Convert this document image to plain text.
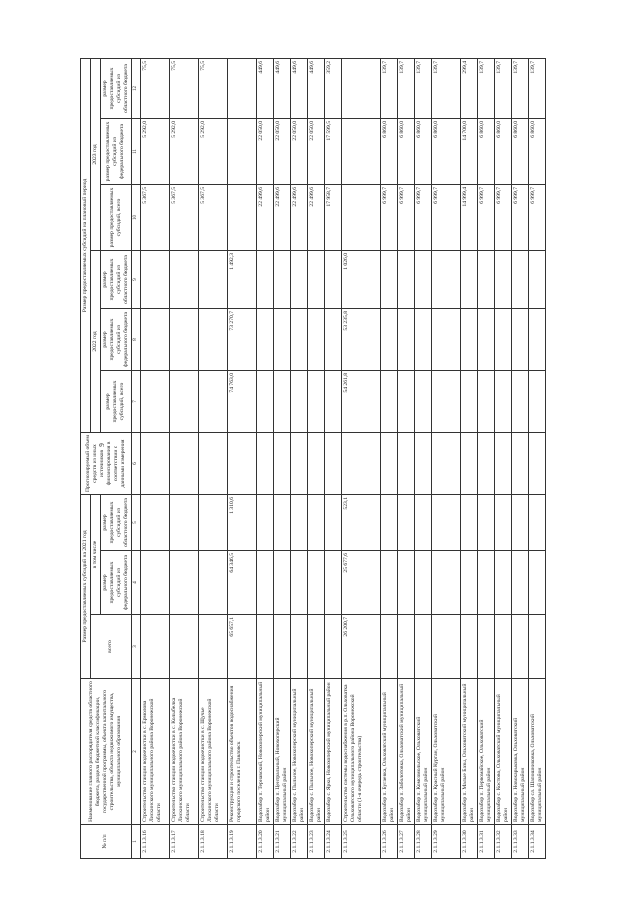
9
№ п/п	Наименование главного распорядителя средств областного бюджета, раздела бюджетной классификации, государственной программы, объекта капитального строительства, объекта недвижимого имущества, муниципального образования	Размер предоставляемых субсидий на 2021 год			Прогнозируемый объем средств из иных источников финансирования в соответствии с данными измерения	Размер предоставляемых субсидий на плановый период					
		всего	в том числе			2022 год			2023 год		
			размер предоставляемых субсидий из федерального бюджета	размер предоставляемых субсидий из областного бюджета		размер предоставляемых субсидий, всего	размер предоставляемых субсидий из федерального бюджета	размер предоставляемых субсидий из областного бюджета	размер предоставляемых субсидий, всего	размер предоставляемых субсидий из федерального бюджета	размер предоставляемых субсидий из областного бюджета
1	2	3	4	5	6	7	8	9	10	11	12
2.1.1.3.16	Строительство станции водоочистки в с. Ермолова Лискинского муниципального района Воронежской области								5 367,5	5 292,0	75,5
2.1.1.3.17	Строительство станции водоочистки в с. Колыбелка Лискинского муниципального района Воронежской области								5 367,5	5 292,0	75,5
2.1.1.3.18	Строительство станции водоочистки в с. Щучье Лискинского муниципального района Воронежской области								5 367,5	5 292,0	75,5
2.1.1.3.19	Реконструкция и строительство объектов водоснабжения городского поселения г. Павловск	65 657,1	64 346,5	1 310,6		74 763,0	73 270,7	1 492,3			
2.1.1.3.20	Водозабор п. Тернавский, Новохоперский муниципальный район								22 499,6	22 050,0	449,6
2.1.1.3.21	Водозабор п. Центральный, Новохоперский муниципальный район								22 499,6	22 050,0	449,6
2.1.1.3.22	Водозабор с. Пыльное, Новохоперский муниципальный район								22 499,6	22 050,0	449,6
2.1.1.3.23	Водозабор с. Пыльное, Новохоперский муниципальный район								22 499,6	22 050,0	449,6
2.1.1.3.24	Водозабор с. Ярки, Новохоперский муниципальный район								17 958,7	17 599,5	359,2
2.1.1.3.25	Строительство системы водоснабжения в р.п. Ольховатка Ольховатского муниципального района Воронежской области (1-я очередь строительства)	26 200,7	25 677,6	523,1		54 261,8	53 235,8	1 026,0			
2.1.1.3.26	Водозабор п. Бугаевка, Ольховатский муниципальный район								6 999,7	6 860,0	139,7
2.1.1.3.27	Водозабор п. Заболотовка, Ольховатский муниципальный район								6 999,7	6 860,0	139,7
2.1.1.3.28	Водозабор п. Комсомольское, Ольховатский муниципальный район								6 999,7	6 860,0	139,7
2.1.1.3.29	Водозабор п. Красный Курган, Ольховатский муниципальный район								6 999,7	6 860,0	139,7
2.1.1.3.30	Водозабор п. Малые Базы, Ольховатский муниципальный район								14 999,4	14 700,0	299,4
2.1.1.3.31	Водозабор п. Первомайское, Ольховатский муниципальный район								6 999,7	6 860,0	139,7
2.1.1.3.32	Водозабор с. Костово, Ольховатский муниципальный район								6 999,7	6 860,0	139,7
2.1.1.3.33	Водозабор п. Новохарьковка, Ольховатский муниципальный район								6 999,7	6 860,0	139,7
2.1.1.3.34	Водозабор сл. Шапошниковка, Ольховатский муниципальный район								6 999,7	6 860,0	139,7
